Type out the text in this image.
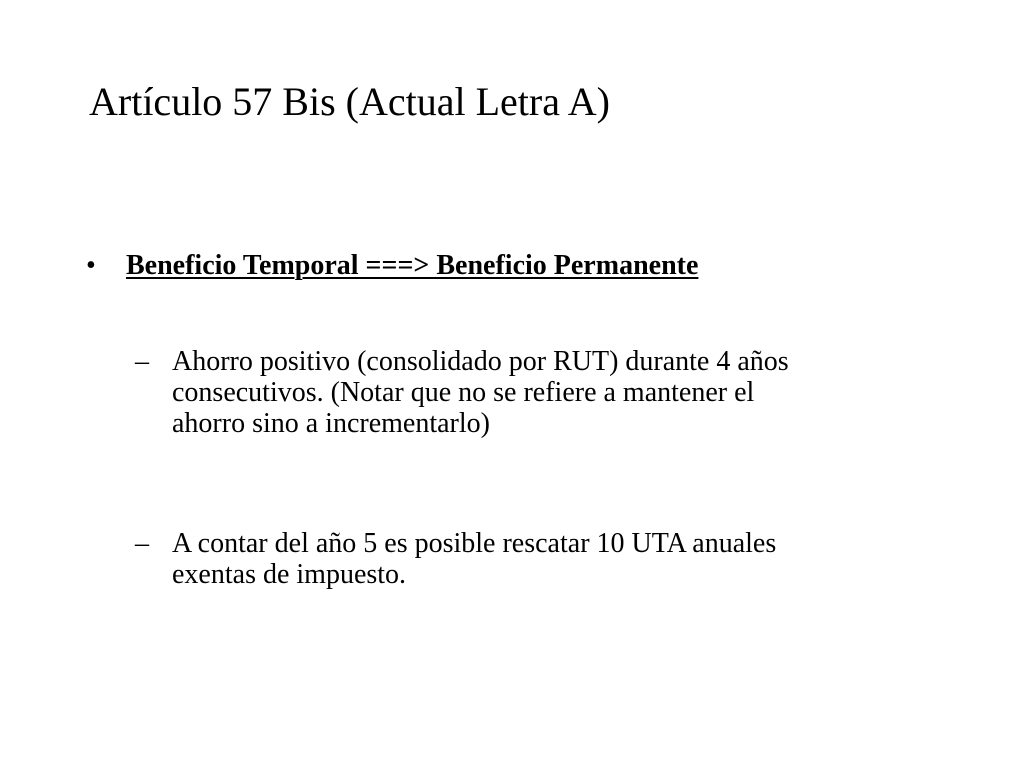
Artículo 57 Bis (Actual Letra A)
•	Beneficio Temporal ===> Beneficio Permanente
– Ahorro positivo (consolidado por RUT) durante 4 años
consecutivos. (Notar que no se refiere a mantener el
ahorro sino a incrementarlo)
– A contar del año 5 es posible rescatar 10 UTA anuales
exentas de impuesto.
